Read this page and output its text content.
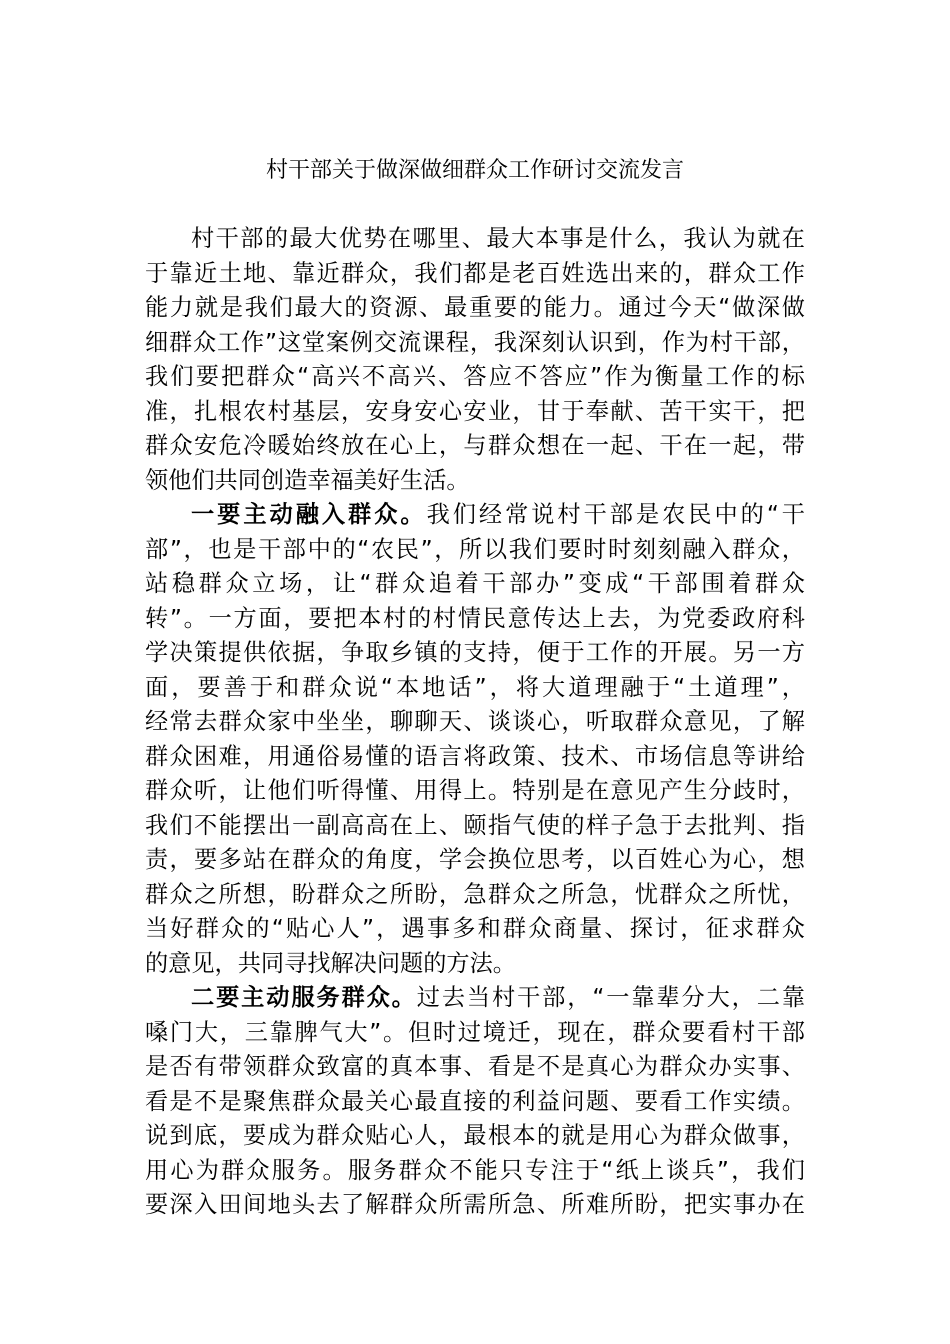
村干部关于做深做细群众工作研讨交流发言
村干部的最大优势在哪里、最大本事是什么，我认为就在
于靠近土地、靠近群众，我们都是老百姓选出来的，群众工作
能力就是我们最大的资源、最重要的能力。通过今天“做深做
细群众工作”这堂案例交流课程，我深刻认识到，作为村干部，
我们要把群众“高兴不高兴、答应不答应”作为衡量工作的标
准，扎根农村基层，安身安心安业，甘于奉献、苦干实干，把
群众安危冷暖始终放在心上，与群众想在一起、干在一起，带
领他们共同创造幸福美好生活。
一要主动融入群众。我们经常说村干部是农民中的“干
部”，也是干部中的“农民”，所以我们要时时刻刻融入群众，
站稳群众立场，让“群众追着干部办”变成“干部围着群众
转”。一方面，要把本村的村情民意传达上去，为党委政府科
学决策提供依据，争取乡镇的支持，便于工作的开展。另一方
面，要善于和群众说“本地话”，将大道理融于“土道理”，
经常去群众家中坐坐，聊聊天、谈谈心，听取群众意见，了解
群众困难，用通俗易懂的语言将政策、技术、市场信息等讲给
群众听，让他们听得懂、用得上。特别是在意见产生分歧时，
我们不能摆出一副高高在上、颐指气使的样子急于去批判、指
责，要多站在群众的角度，学会换位思考，以百姓心为心，想
群众之所想，盼群众之所盼，急群众之所急，忧群众之所忧，
当好群众的“贴心人”，遇事多和群众商量、探讨，征求群众
的意见，共同寻找解决问题的方法。
二要主动服务群众。过去当村干部，“一靠辈分大，二靠
嗓门大，三靠脾气大”。但时过境迁，现在，群众要看村干部
是否有带领群众致富的真本事、看是不是真心为群众办实事、
看是不是聚焦群众最关心最直接的利益问题、要看工作实绩。
说到底，要成为群众贴心人，最根本的就是用心为群众做事，
用心为群众服务。服务群众不能只专注于“纸上谈兵”，我们
要深入田间地头去了解群众所需所急、所难所盼，把实事办在
